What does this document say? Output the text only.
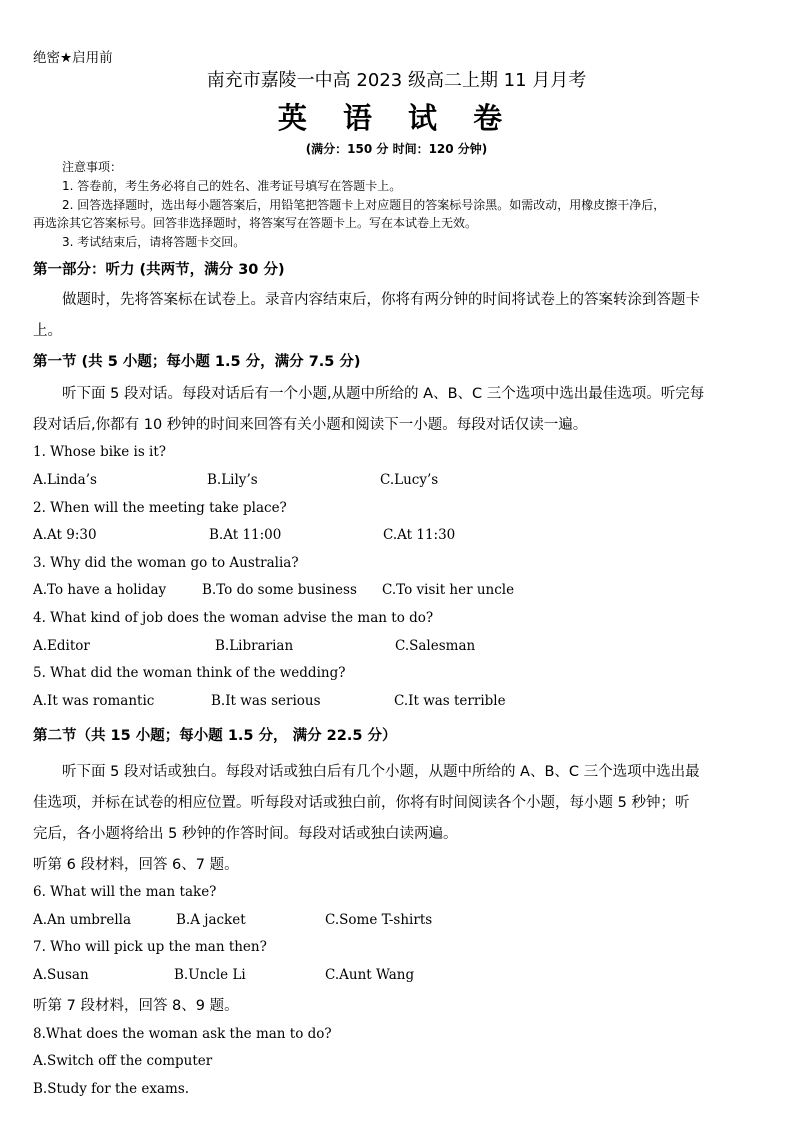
绝密★启用前
南充市嘉陵一中高 2023 级高二上期 11 月月考
英 语 试 卷
(满分：150 分 时间：120 分钟)
注意事项：
1. 答卷前，考生务必将自己的姓名、准考证号填写在答题卡上。
2. 回答选择题时，选出每小题答案后，用铅笔把答题卡上对应题目的答案标号涂黑。如需改动，用橡皮擦干净后，
再选涂其它答案标号。回答非选择题时，将答案写在答题卡上。写在本试卷上无效。
3. 考试结束后，请将答题卡交回。
第一部分：听力 (共两节，满分 30 分)
做题时，先将答案标在试卷上。录音内容结束后，你将有两分钟的时间将试卷上的答案转涂到答题卡
上。
第一节 (共 5 小题；每小题 1.5 分，满分 7.5 分)
听下面 5 段对话。每段对话后有一个小题,从题中所给的 A、B、C 三个选项中选出最佳选项。听完每
段对话后,你都有 10 秒钟的时间来回答有关小题和阅读下一小题。每段对话仅读一遍。
1. Whose bike is it?
A.Linda’s	B.Lily’s	C.Lucy’s
2. When will the meeting take place?
A.At 9:30	B.At 11:00	C.At 11:30
3. Why did the woman go to Australia?
A.To have a holiday	B.To do some business C.To visit her uncle
4. What kind of job does the woman advise the man to do?
A.Editor	B.Librarian	C.Salesman
5. What did the woman think of the wedding?
A.It was romantic	B.It was serious	C.It was terrible
第二节（共 15 小题；每小题 1.5 分， 满分 22.5 分）
听下面 5 段对话或独白。每段对话或独白后有几个小题，从题中所给的 A、B、C 三个选项中选出最
佳选项，并标在试卷的相应位置。听每段对话或独白前，你将有时间阅读各个小题，每小题 5 秒钟；听
完后，各小题将给出 5 秒钟的作答时间。每段对话或独白读两遍。
听第 6 段材料，回答 6、7 题。
6. What will the man take?
A.An umbrella	B.A jacket	C.Some T-shirts
7. Who will pick up the man then?
A.Susan	B.Uncle Li	C.Aunt Wang
听第 7 段材料，回答 8、9 题。
8.What does the woman ask the man to do?
A.Switch off the computer
B.Study for the exams.
